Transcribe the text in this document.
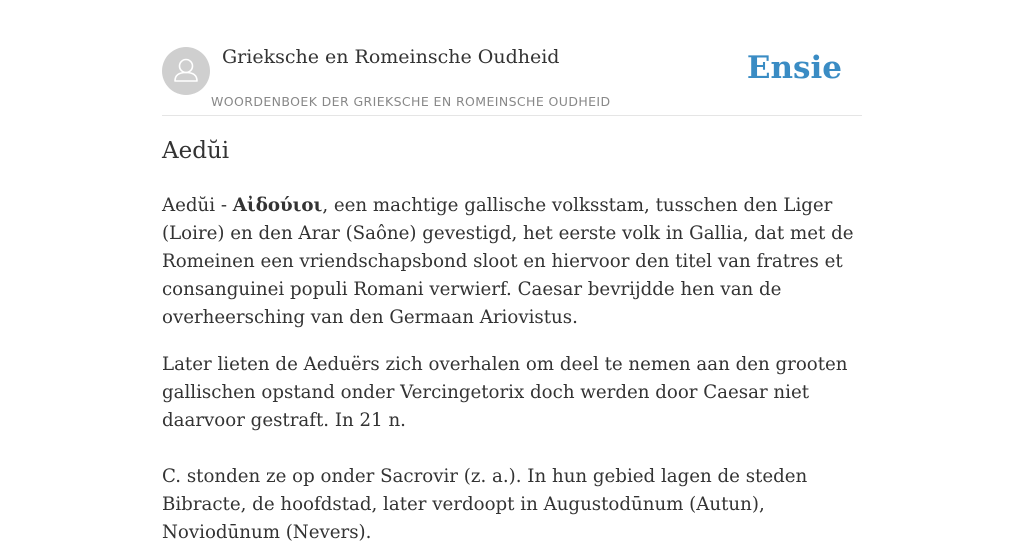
Grieksche en Romeinsche Oudheid
WOORDENBOEK DER GRIEKSCHE EN ROMEINSCHE OUDHEID
Ensie
Aedŭi

Aedŭi - Αἰδούιοι, een machtige gallische volksstam, tusschen den Liger (Loire) en den Arar (Saône) gevestigd, het eerste volk in Gallia, dat met de Romeinen een vriendschapsbond sloot en hiervoor den titel van fratres et consanguinei populi Romani verwierf. Caesar bevrijdde hen van de overheersching van den Germaan Ariovistus.

Later lieten de Aeduërs zich overhalen om deel te nemen aan den grooten gallischen opstand onder Vercingetorix doch werden door Caesar niet daarvoor gestraft. In 21 n.

C. stonden ze op onder Sacrovir (z. a.). In hun gebied lagen de steden Bibracte, de hoofdstad, later verdoopt in Augustodūnum (Autun), Noviodūnum (Nevers).
